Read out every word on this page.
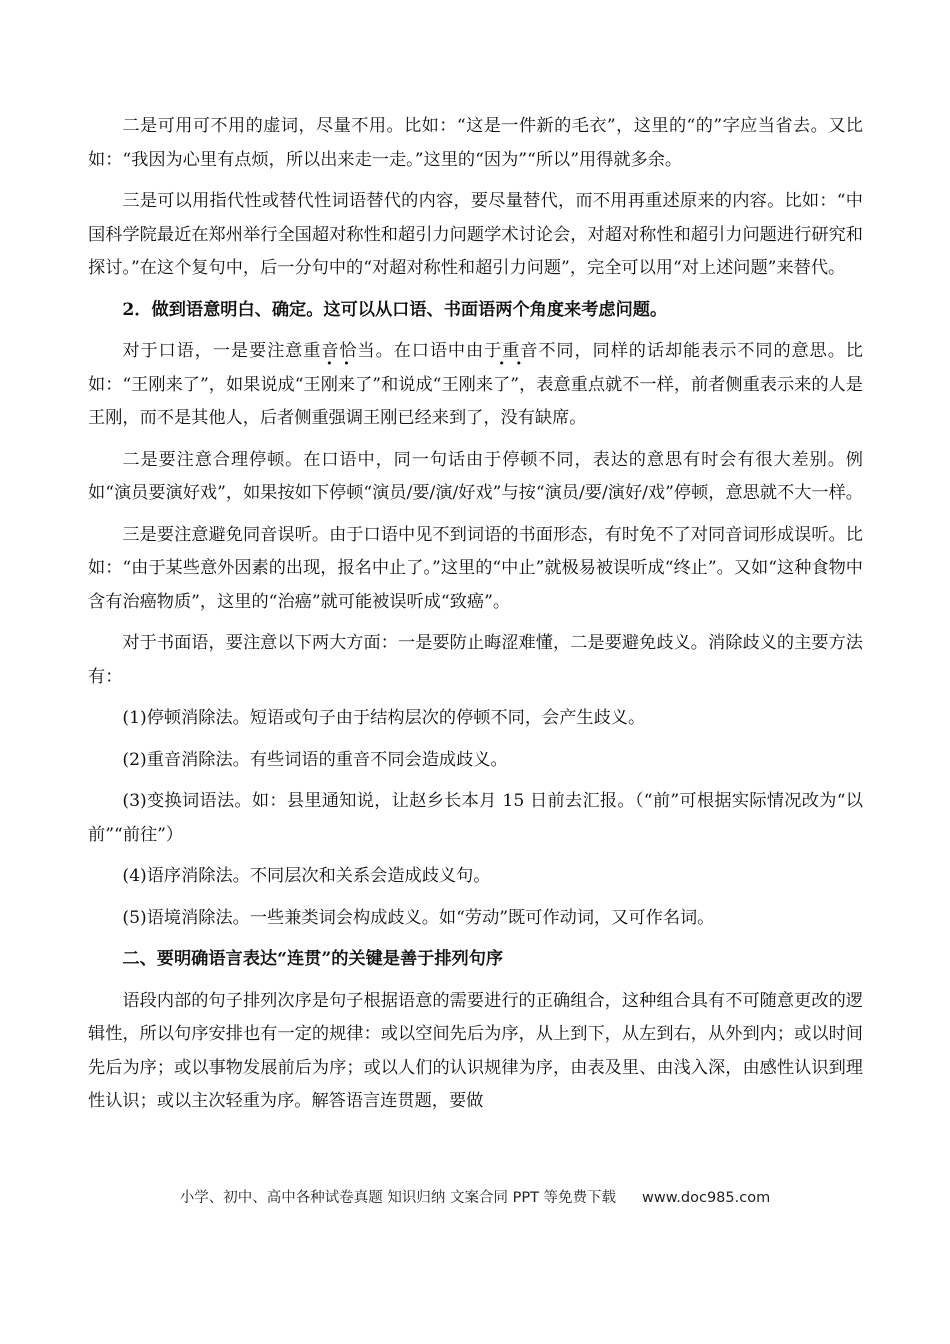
二是可用可不用的虚词，尽量不用。比如：“这是一件新的毛衣”，这里的“的”字应当省去。又比如：“我因为心里有点烦，所以出来走一走。”这里的“因为”“所以”用得就多余。

三是可以用指代性或替代性词语替代的内容，要尽量替代，而不用再重述原来的内容。比如：“中国科学院最近在郑州举行全国超对称性和超引力问题学术讨论会，对超对称性和超引力问题进行研究和探讨。”在这个复句中，后一分句中的“对超对称性和超引力问题”，完全可以用“对上述问题”来替代。

2．做到语意明白、确定。这可以从口语、书面语两个角度来考虑问题。

对于口语，一是要注意重音恰当。在口语中由于重音不同，同样的话却能表示不同的意思。比如：“王刚来了”，如果说成“王刚来了”和说成“王刚来了”，表意重点就不一样，前者侧重表示来的人是王刚，而不是其他人，后者侧重强调王刚已经来到了，没有缺席。

二是要注意合理停顿。在口语中，同一句话由于停顿不同，表达的意思有时会有很大差别。例如“演员要演好戏”，如果按如下停顿“演员/要/演/好戏”与按“演员/要/演好/戏”停顿，意思就不大一样。

三是要注意避免同音误听。由于口语中见不到词语的书面形态，有时免不了对同音词形成误听。比如：“由于某些意外因素的出现，报名中止了。”这里的“中止”就极易被误听成“终止”。又如“这种食物中含有治癌物质”，这里的“治癌”就可能被误听成“致癌”。

对于书面语，要注意以下两大方面：一是要防止晦涩难懂，二是要避免歧义。消除歧义的主要方法有：

(1)停顿消除法。短语或句子由于结构层次的停顿不同，会产生歧义。

(2)重音消除法。有些词语的重音不同会造成歧义。

(3)变换词语法。如：县里通知说，让赵乡长本月 15 日前去汇报。（“前”可根据实际情况改为“以前”“前往”）

(4)语序消除法。不同层次和关系会造成歧义句。

(5)语境消除法。一些兼类词会构成歧义。如“劳动”既可作动词，又可作名词。

二、要明确语言表达“连贯”的关键是善于排列句序

语段内部的句子排列次序是句子根据语意的需要进行的正确组合，这种组合具有不可随意更改的逻辑性，所以句序安排也有一定的规律：或以空间先后为序，从上到下，从左到右，从外到内；或以时间先后为序；或以事物发展前后为序；或以人们的认识规律为序，由表及里、由浅入深，由感性认识到理性认识；或以主次轻重为序。解答语言连贯题，要做

小学、初中、高中各种试卷真题 知识归纳 文案合同 PPT 等免费下载 www.doc985.com
